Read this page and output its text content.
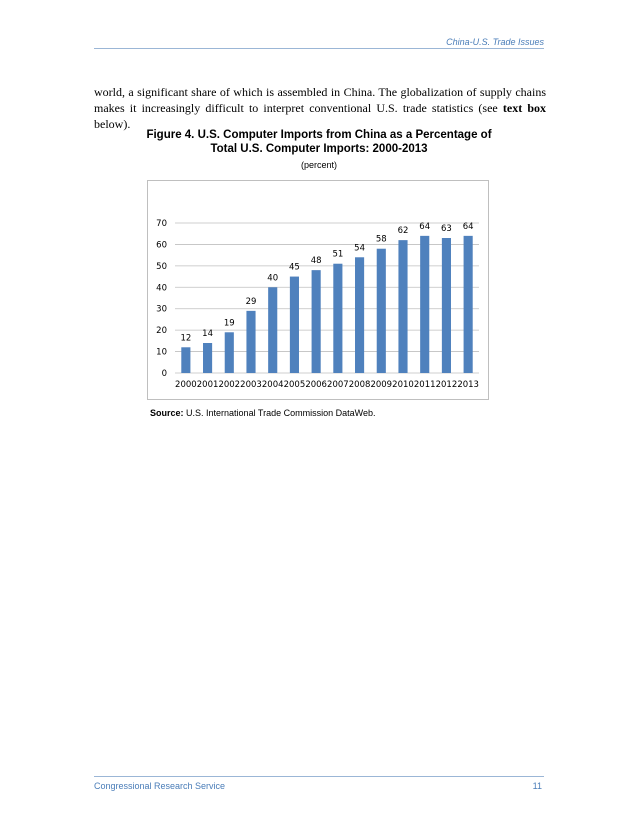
China-U.S. Trade Issues
world, a significant share of which is assembled in China. The globalization of supply chains makes it increasingly difficult to interpret conventional U.S. trade statistics (see text box below).
Figure 4. U.S. Computer Imports from China as a Percentage of
Total U.S. Computer Imports: 2000-2013
(percent)
0
10
20
30
40
50
60
70
12
2000
14
2001
19
2002
29
2003
40
2004
45
2005
48
2006
51
2007
54
2008
58
2009
62
2010
64
2011
63
2012
64
2013
Source: U.S. International Trade Commission DataWeb.
Congressional Research Service	11
